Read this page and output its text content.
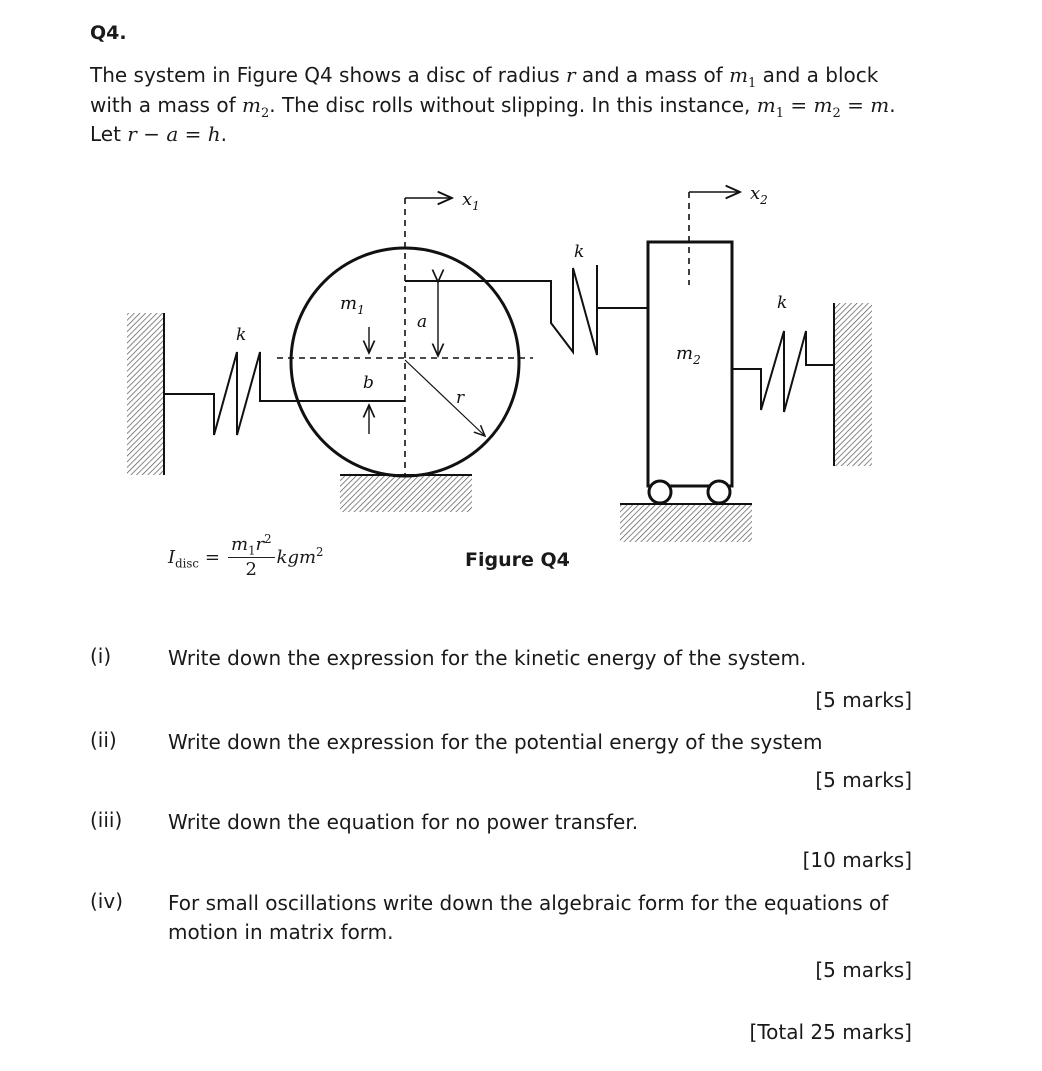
Q4.

The system in Figure Q4 shows a disc of radius r and a mass of $m_1$ and a block with a mass of $m_2$. The disc rolls without slipping. In this instance, $m_1 = m_2 = m$. Let r − a = h.

k
$x_1$
$m_1$
b
a
r
k
$m_2$
$x_2$
k
$I_{disc} = \frac{m_1r^2}{2} kgm^2$	Figure Q4
(i)	Write down the expression for the kinetic energy of the system.
[5 marks]
(ii)	Write down the expression for the potential energy of the system
[5 marks]
(iii) Write down the equation for no power transfer.
[10 marks]
(iv) For small oscillations write down the algebraic form for the equations of motion in matrix form.
[5 marks]
[Total 25 marks]
